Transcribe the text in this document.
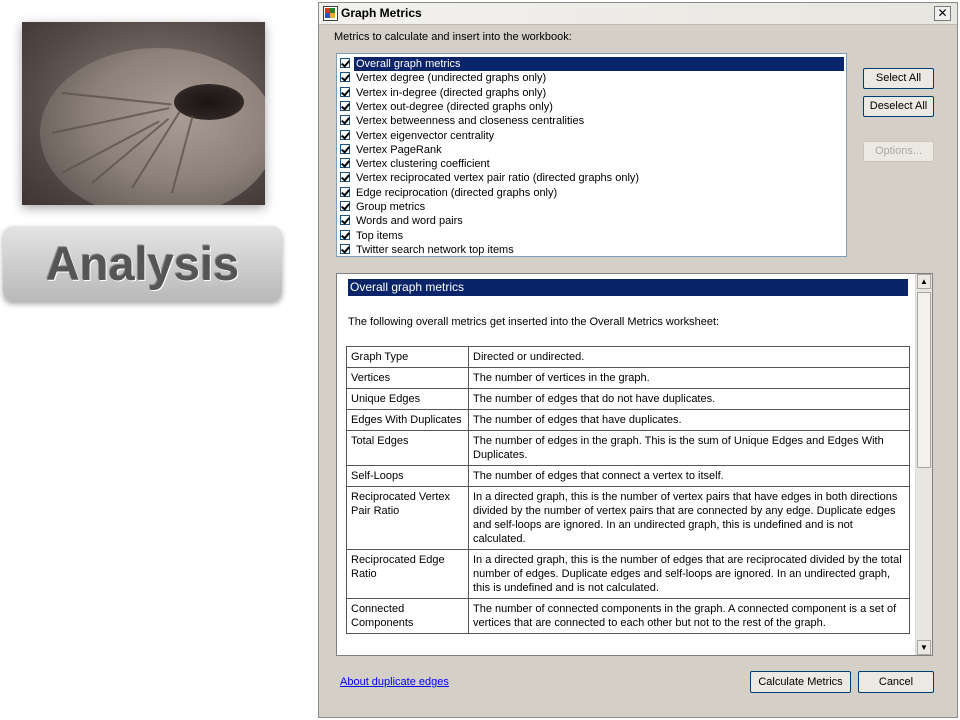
Analysis
Graph Metrics	✕
Metrics to calculate and insert into the workbook:
Overall graph metrics
Vertex degree (undirected graphs only)
Vertex in-degree (directed graphs only)
Vertex out-degree (directed graphs only)
Vertex betweenness and closeness centralities
Vertex eigenvector centrality
Vertex PageRank
Vertex clustering coefficient
Vertex reciprocated vertex pair ratio (directed graphs only)
Edge reciprocation (directed graphs only)
Group metrics
Words and word pairs
Top items
Twitter search network top items
Select All
Deselect All
Options...
Overall graph metrics
The following overall metrics get inserted into the Overall Metrics worksheet:
Graph Type	Directed or undirected.
Vertices	The number of vertices in the graph.
Unique Edges	The number of edges that do not have duplicates.
Edges With Duplicates	The number of edges that have duplicates.
Total Edges	The number of edges in the graph. This is the sum of Unique Edges and Edges With Duplicates.
Self-Loops	The number of edges that connect a vertex to itself.
Reciprocated Vertex Pair Ratio	In a directed graph, this is the number of vertex pairs that have edges in both directions divided by the number of vertex pairs that are connected by any edge. Duplicate edges and self-loops are ignored. In an undirected graph, this is undefined and is not calculated.
Reciprocated Edge Ratio	In a directed graph, this is the number of edges that are reciprocated divided by the total number of edges. Duplicate edges and self-loops are ignored. In an undirected graph, this is undefined and is not calculated.
Connected Components	The number of connected components in the graph. A connected component is a set of vertices that are connected to each other but not to the rest of the graph.
▲
▼
About duplicate edges	Calculate Metrics	Cancel
